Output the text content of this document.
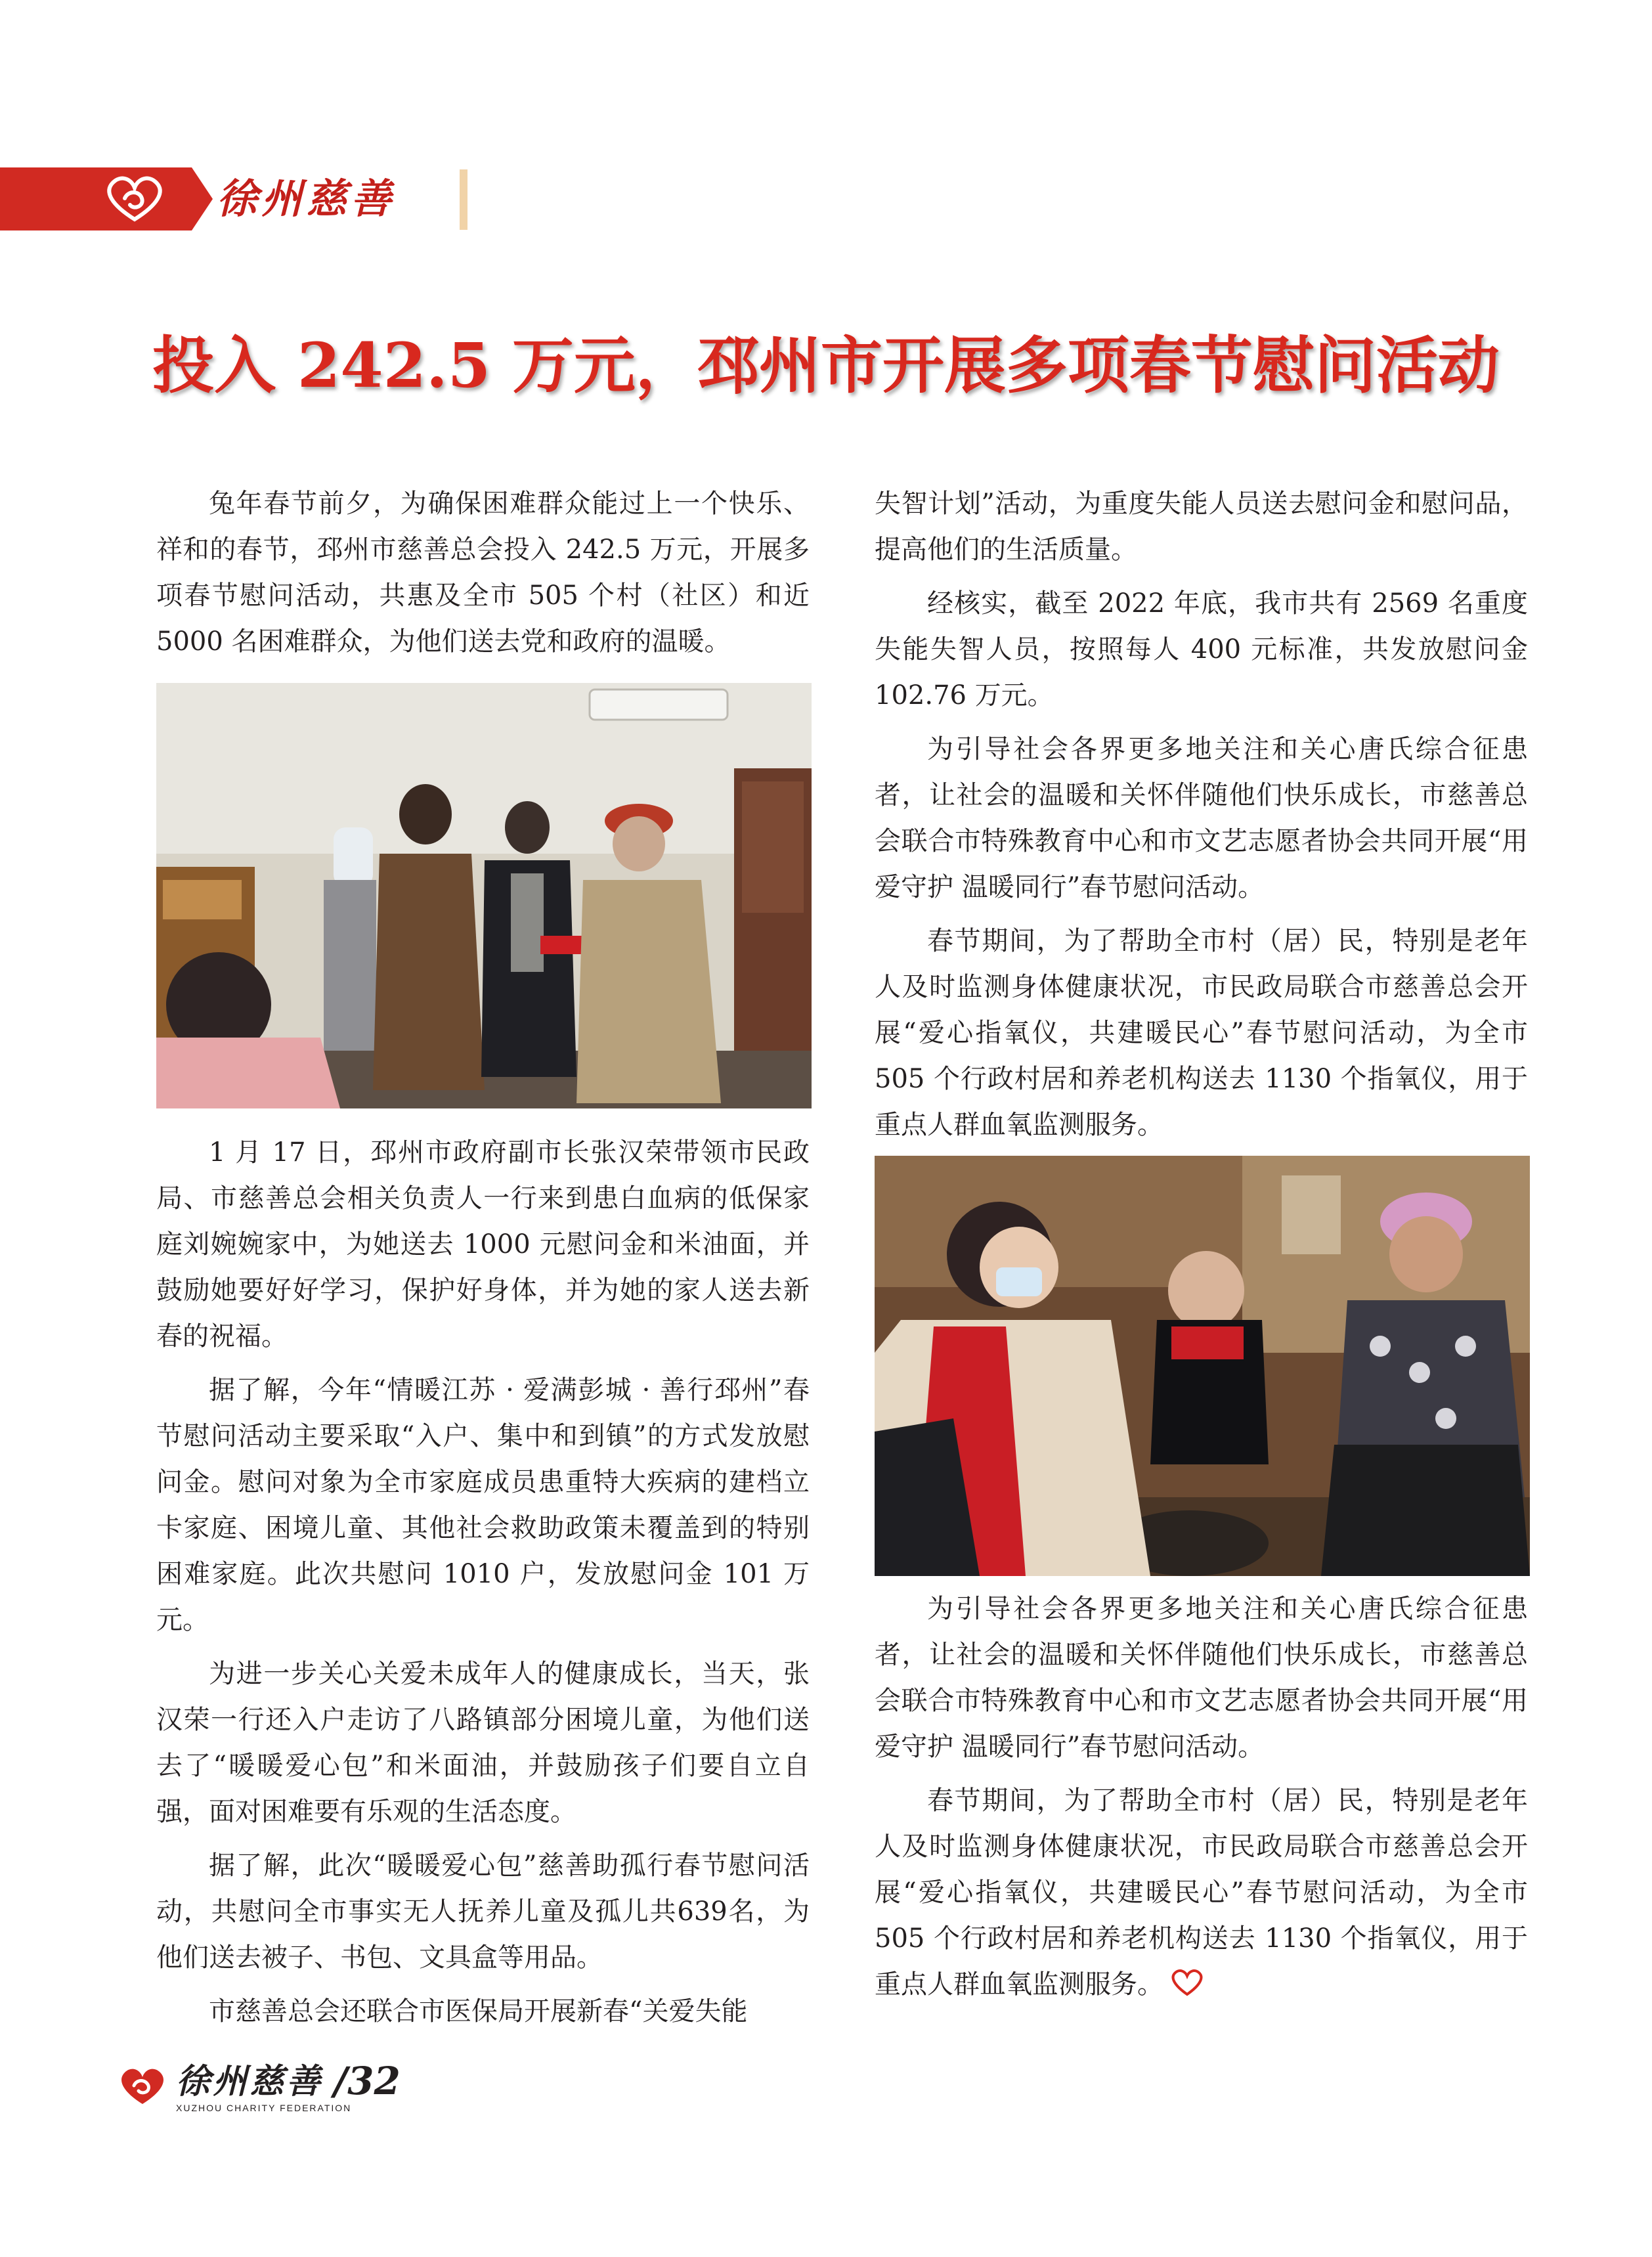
徐州慈善
投入 242.5 万元，邳州市开展多项春节慰问活动

兔年春节前夕，为确保困难群众能过上一个快乐、祥和的春节，邳州市慈善总会投入 242.5 万元，开展多项春节慰问活动，共惠及全市 505 个村（社区）和近 5000 名困难群众，为他们送去党和政府的温暖。

1 月 17 日，邳州市政府副市长张汉荣带领市民政局、市慈善总会相关负责人一行来到患白血病的低保家庭刘婉婉家中，为她送去 1000 元慰问金和米油面，并鼓励她要好好学习，保护好身体，并为她的家人送去新春的祝福。

据了解，今年“情暖江苏 · 爱满彭城 · 善行邳州”春节慰问活动主要采取“入户、集中和到镇”的方式发放慰问金。慰问对象为全市家庭成员患重特大疾病的建档立卡家庭、困境儿童、其他社会救助政策未覆盖到的特别困难家庭。此次共慰问 1010 户，发放慰问金 101 万元。

为进一步关心关爱未成年人的健康成长，当天，张汉荣一行还入户走访了八路镇部分困境儿童，为他们送去了“暖暖爱心包”和米面油，并鼓励孩子们要自立自强，面对困难要有乐观的生活态度。

据了解，此次“暖暖爱心包”慈善助孤行春节慰问活动，共慰问全市事实无人抚养儿童及孤儿共639名，为他们送去被子、书包、文具盒等用品。

市慈善总会还联合市医保局开展新春“关爱失能

失智计划”活动，为重度失能人员送去慰问金和慰问品，提高他们的生活质量。

经核实，截至 2022 年底，我市共有 2569 名重度失能失智人员，按照每人 400 元标准，共发放慰问金 102.76 万元。

为引导社会各界更多地关注和关心唐氏综合征患者，让社会的温暖和关怀伴随他们快乐成长，市慈善总会联合市特殊教育中心和市文艺志愿者协会共同开展“用爱守护 温暖同行”春节慰问活动。

春节期间，为了帮助全市村（居）民，特别是老年人及时监测身体健康状况，市民政局联合市慈善总会开展“爱心指氧仪，共建暖民心”春节慰问活动，为全市 505 个行政村居和养老机构送去 1130 个指氧仪，用于重点人群血氧监测服务。

为引导社会各界更多地关注和关心唐氏综合征患者，让社会的温暖和关怀伴随他们快乐成长，市慈善总会联合市特殊教育中心和市文艺志愿者协会共同开展“用爱守护 温暖同行”春节慰问活动。

春节期间，为了帮助全市村（居）民，特别是老年人及时监测身体健康状况，市民政局联合市慈善总会开展“爱心指氧仪，共建暖民心”春节慰问活动，为全市 505 个行政村居和养老机构送去 1130 个指氧仪，用于重点人群血氧监测服务。

徐州慈善
XUZHOU CHARITY FEDERATION
/32
